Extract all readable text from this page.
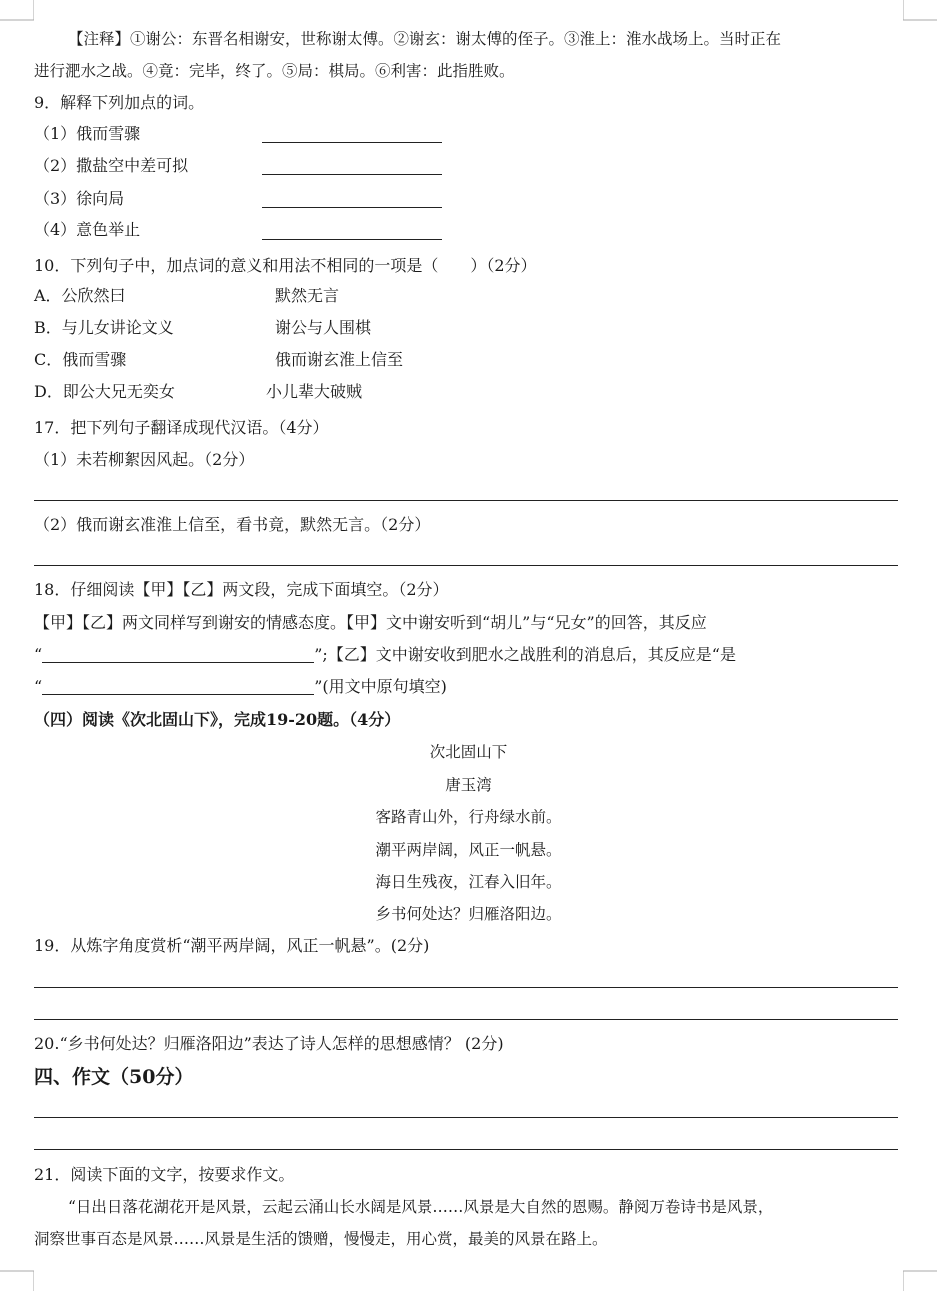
【注释】①谢公：东晋名相谢安，世称谢太傅。②谢玄：谢太傅的侄子。③淮上：淮水战场上。当时正在
进行淝水之战。④竟：完毕，终了。⑤局：棋局。⑥利害：此指胜败。
9．解释下列加点的词。
（1）俄而雪骤
（2）撒盐空中差可拟
（3）徐向局
（4）意色举止
10．下列句子中，加点词的意义和用法不相同的一项是（　　）（2分）
A．公欣然曰	默然无言
B．与儿女讲论文义	谢公与人围棋
C．俄而雪骤	俄而谢玄淮上信至
D．即公大兄无奕女	小儿辈大破贼
17．把下列句子翻译成现代汉语。（4分）
（1）未若柳絮因风起。（2分）
（2）俄而谢玄准淮上信至，看书竟，默然无言。（2分）
18．仔细阅读【甲】【乙】两文段，完成下面填空。（2分）
【甲】【乙】两文同样写到谢安的情感态度。【甲】文中谢安听到“胡儿”与“兄女”的回答，其反应
“	”;【乙】文中谢安收到肥水之战胜利的消息后，其反应是“是
“	”(用文中原句填空)
（四）阅读《次北固山下》，完成19-20题。（4分）
次北固山下
唐玉湾
客路青山外，行舟绿水前。
潮平两岸阔，风正一帆悬。
海日生残夜，江春入旧年。
乡书何处达？归雁洛阳边。
19．从炼字角度赏析“潮平两岸阔，风正一帆悬”。(2分)
20.“乡书何处达？归雁洛阳边”表达了诗人怎样的思想感情？ (2分)
四、作文（50分）
21．阅读下面的文字，按要求作文。
“日出日落花湖花开是风景，云起云涌山长水阔是风景……风景是大自然的恩赐。静阅万卷诗书是风景，
洞察世事百态是风景……风景是生活的馈赠，慢慢走，用心赏，最美的风景在路上。
